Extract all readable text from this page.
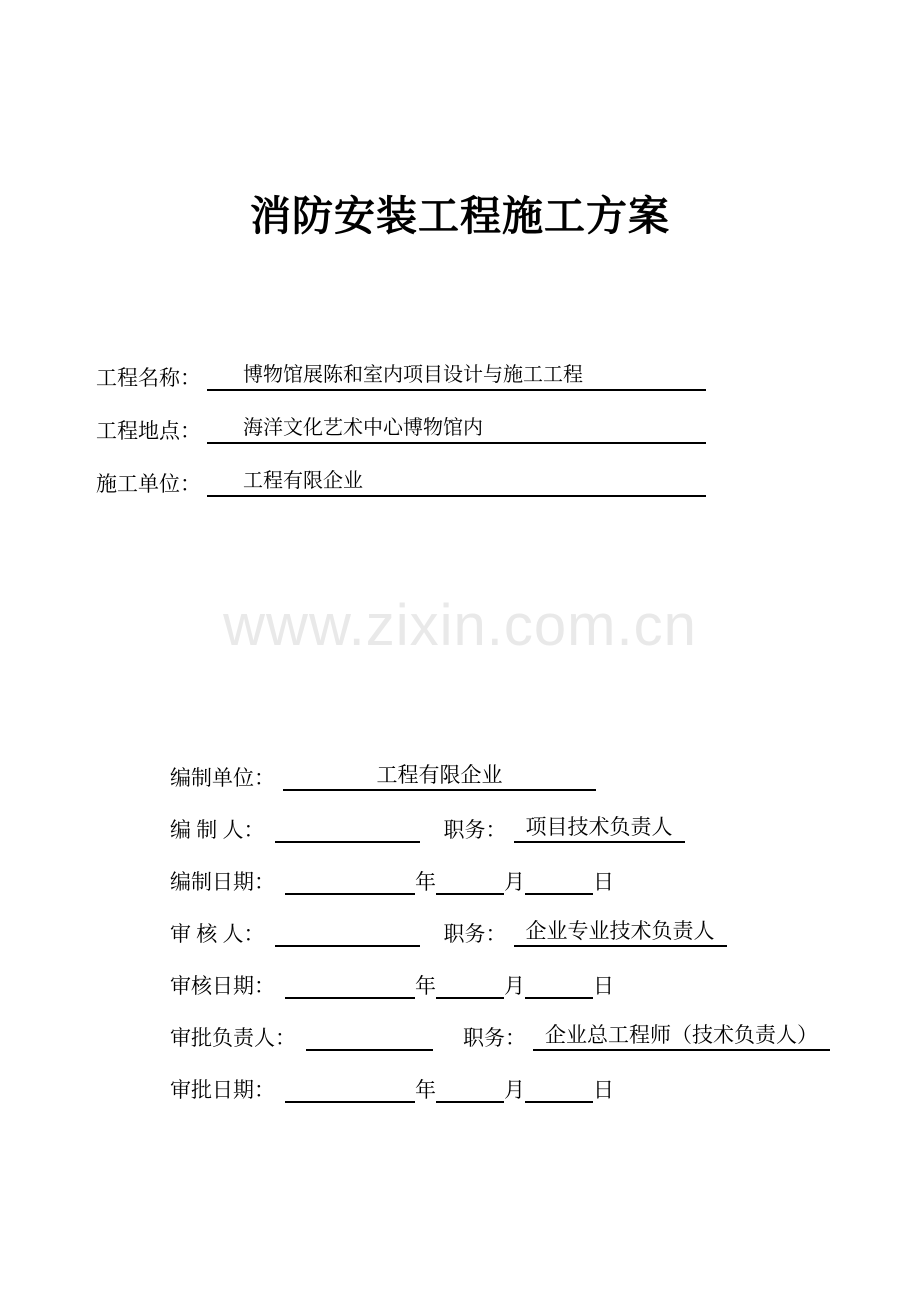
消防安装工程施工方案
工程名称：	博物馆展陈和室内项目设计与施工工程
工程地点：	海洋文化艺术中心博物馆内
施工单位：	工程有限企业
www.zixin.com.cn
编制单位：	工程有限企业
编 制 人：	职务： 项目技术负责人
编制日期：	年	月	日
审 核 人：	职务： 企业专业技术负责人
审核日期：	年	月	日
审批负责人：	职务： 企业总工程师（技术负责人）
审批日期：	年	月	日
